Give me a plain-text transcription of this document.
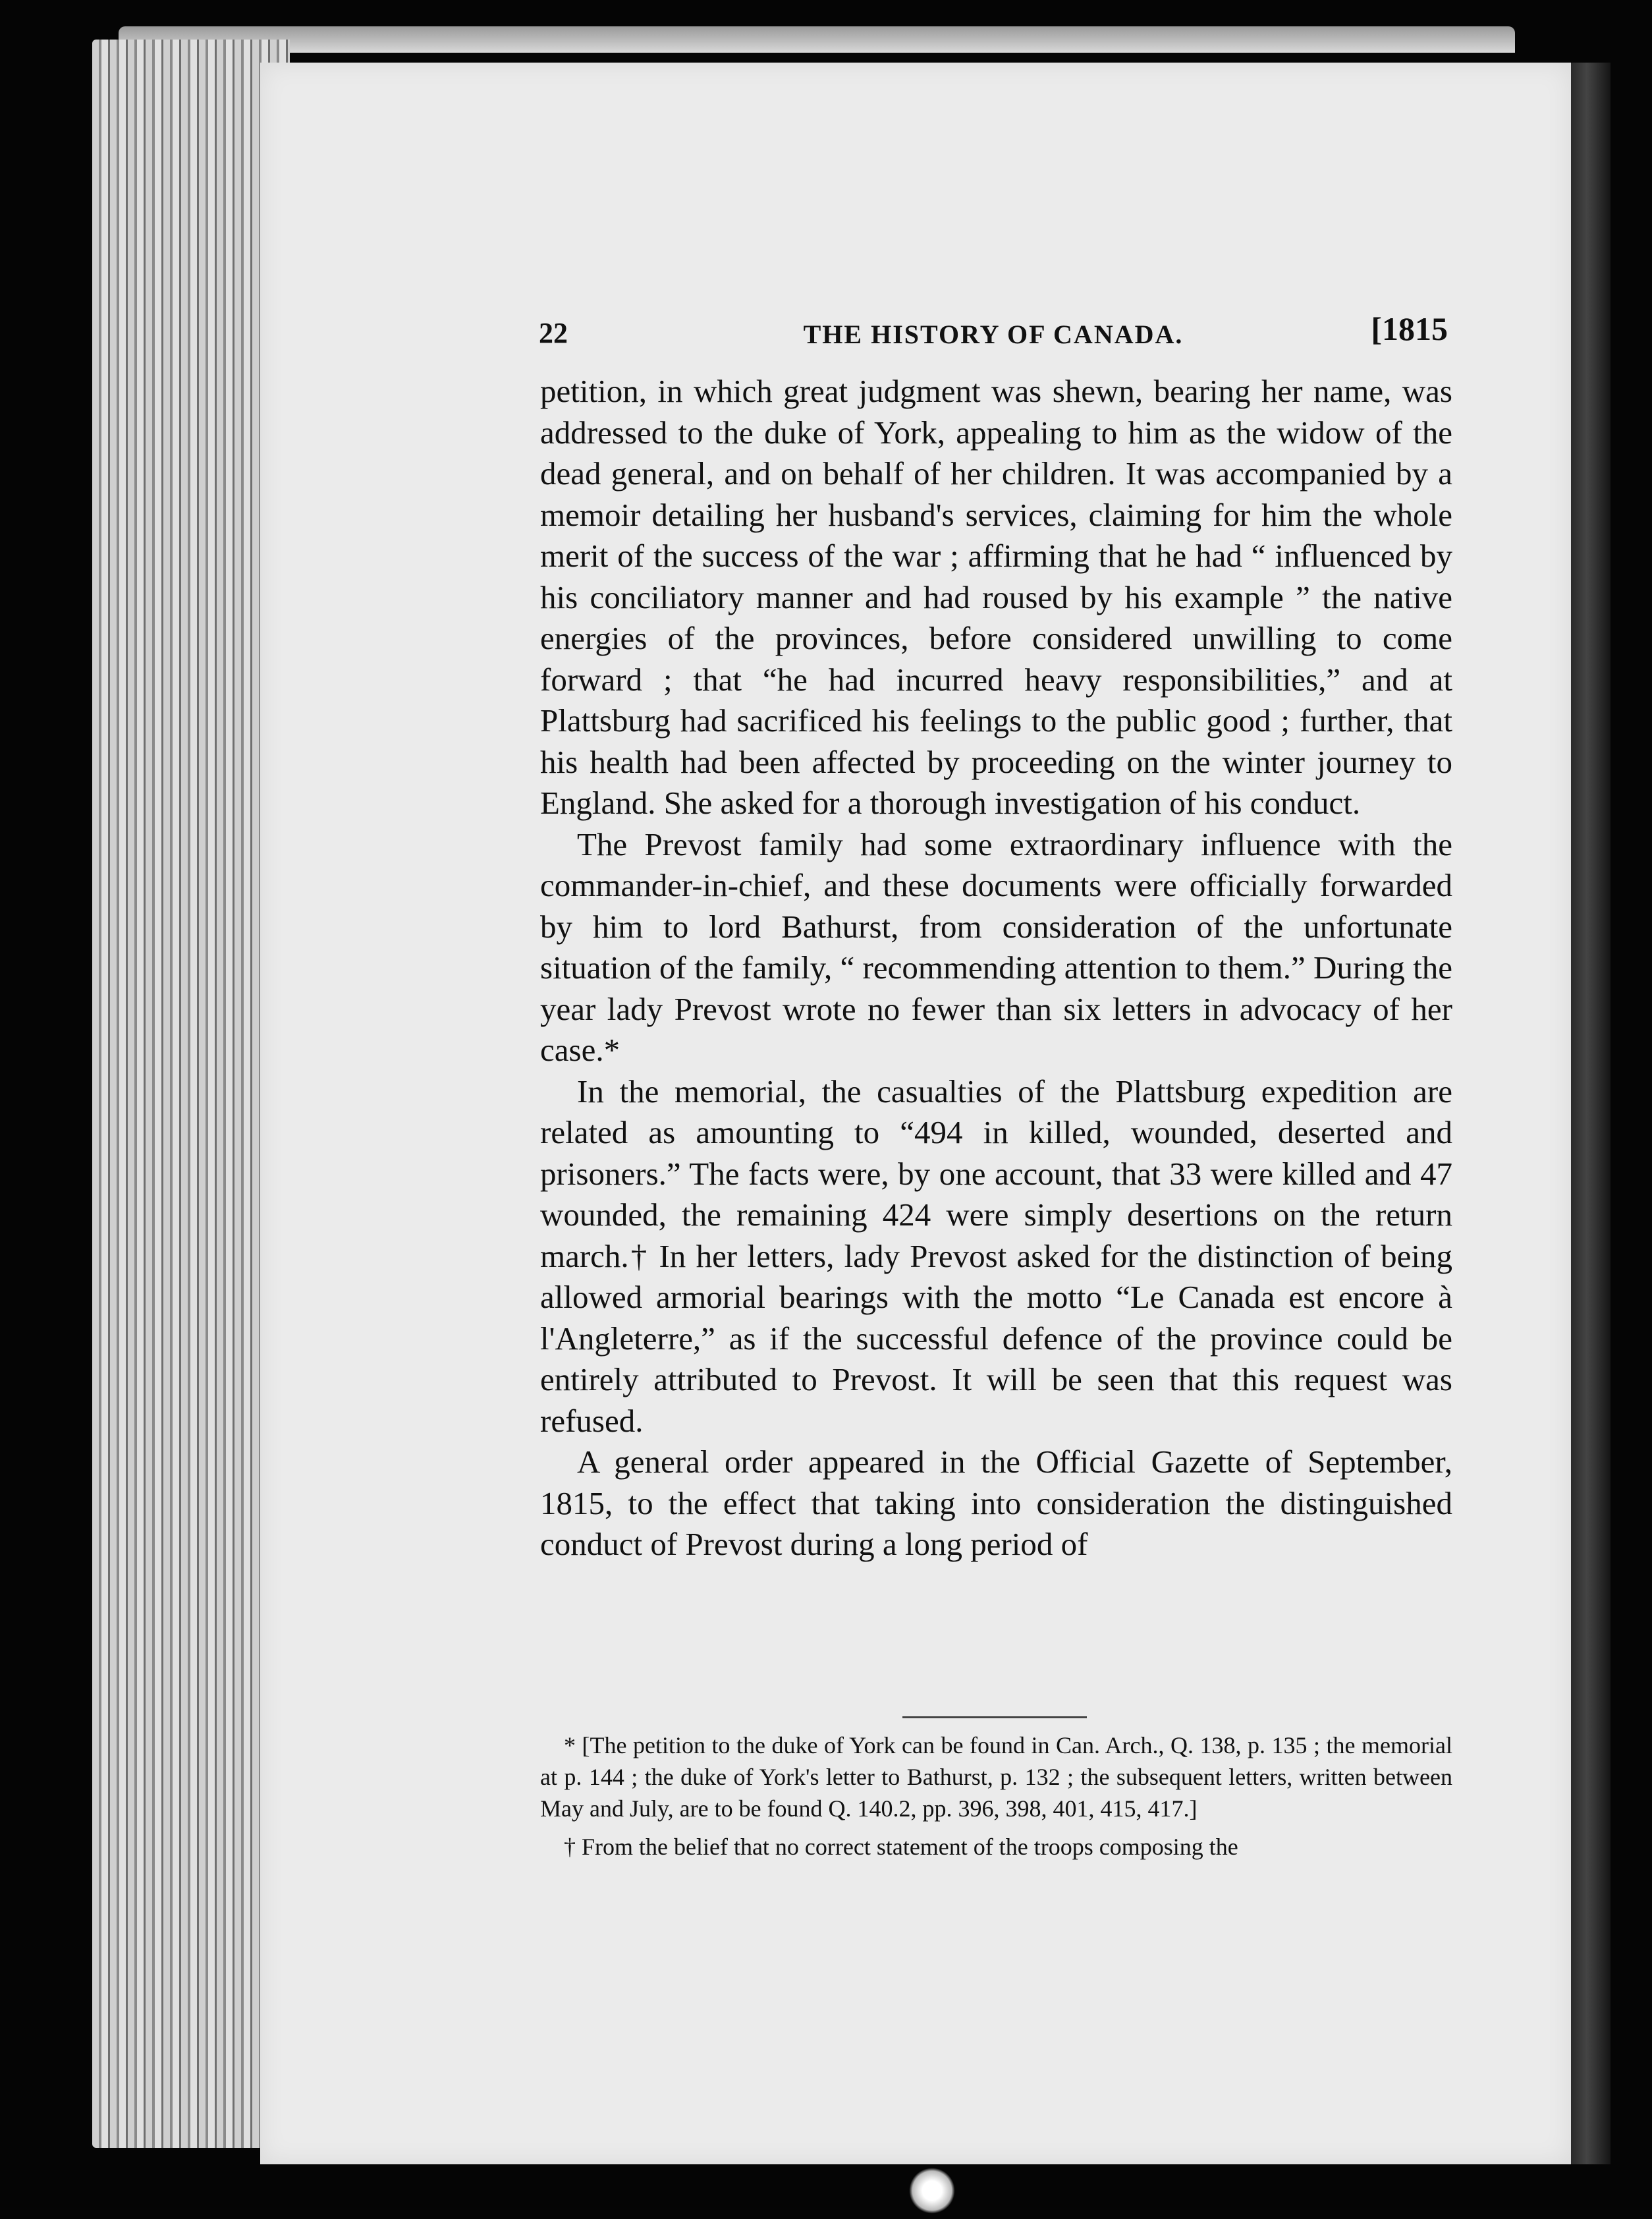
22	THE HISTORY OF CANADA.	[1815

petition, in which great judgment was shewn, bearing her name, was addressed to the duke of York, appealing to him as the widow of the dead general, and on behalf of her children. It was accompanied by a memoir detailing her husband's services, claiming for him the whole merit of the success of the war ; affirming that he had “ influenced by his conciliatory manner and had roused by his example ” the native energies of the provinces, before considered unwilling to come forward ; that “he had incurred heavy responsibilities,” and at Plattsburg had sacrificed his feelings to the public good ; further, that his health had been affected by proceeding on the winter journey to England. She asked for a thorough investigation of his conduct.

The Prevost family had some extraordinary influence with the commander-in-chief, and these documents were officially forwarded by him to lord Bathurst, from consideration of the unfortunate situation of the family, “ recommending attention to them.” During the year lady Prevost wrote no fewer than six letters in advocacy of her case.*

In the memorial, the casualties of the Plattsburg expedition are related as amounting to “494 in killed, wounded, deserted and prisoners.” The facts were, by one account, that 33 were killed and 47 wounded, the remaining 424 were simply desertions on the return march.† In her letters, lady Prevost asked for the distinction of being allowed armorial bearings with the motto “Le Canada est encore à l'Angleterre,” as if the successful defence of the province could be entirely attributed to Prevost. It will be seen that this request was refused.

A general order appeared in the Official Gazette of September, 1815, to the effect that taking into consideration the distinguished conduct of Prevost during a long period of

* [The petition to the duke of York can be found in Can. Arch., Q. 138, p. 135 ; the memorial at p. 144 ; the duke of York's letter to Bathurst, p. 132 ; the subsequent letters, written between May and July, are to be found Q. 140.2, pp. 396, 398, 401, 415, 417.]

† From the belief that no correct statement of the troops composing the
